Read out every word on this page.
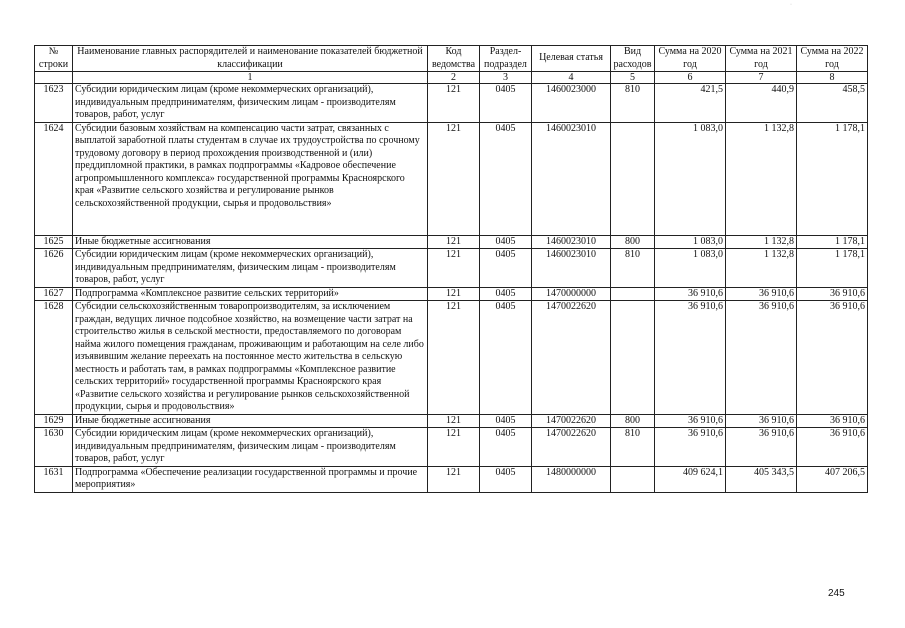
·
№ строки	Наименование главных распорядителей и наименование показателей бюджетной классификации	Код ведомства	Раздел-подраздел	Целевая статья	Вид расходов	Сумма на 2020 год	Сумма на 2021 год	Сумма на 2022 год
	1	2	3	4	5	6	7	8
1623	Субсидии юридическим лицам (кроме некоммерческих организаций), индивидуальным предпринимателям, физическим лицам - производителям товаров, работ, услуг	121	0405	1460023000	810	421,5	440,9	458,5
1624	Субсидии базовым хозяйствам на компенсацию части затрат, связанных с выплатой заработной платы студентам в случае их трудоустройства по срочному трудовому договору в период прохождения производственной и (или) преддипломной практики, в рамках подпрограммы «Кадровое обеспечение агропромышленного комплекса» государственной программы Красноярского края «Развитие сельского хозяйства и регулирование рынков сельскохозяйственной продукции, сырья и продовольствия»	121	0405	1460023010		1 083,0	1 132,8	1 178,1
1625	Иные бюджетные ассигнования	121	0405	1460023010	800	1 083,0	1 132,8	1 178,1
1626	Субсидии юридическим лицам (кроме некоммерческих организаций), индивидуальным предпринимателям, физическим лицам - производителям товаров, работ, услуг	121	0405	1460023010	810	1 083,0	1 132,8	1 178,1
1627	Подпрограмма «Комплексное развитие сельских территорий»	121	0405	1470000000		36 910,6	36 910,6	36 910,6
1628	Субсидии сельскохозяйственным товаропроизводителям, за исключением граждан, ведущих личное подсобное хозяйство, на возмещение части затрат на строительство жилья в сельской местности, предоставляемого по договорам найма жилого помещения гражданам, проживающим и работающим на селе либо изъявившим желание переехать на постоянное место жительства в сельскую местность и работать там, в рамках подпрограммы «Комплексное развитие сельских территорий» государственной программы Красноярского края «Развитие сельского хозяйства и регулирование рынков сельскохозяйственной продукции, сырья и продовольствия»	121	0405	1470022620		36 910,6	36 910,6	36 910,6
1629	Иные бюджетные ассигнования	121	0405	1470022620	800	36 910,6	36 910,6	36 910,6
1630	Субсидии юридическим лицам (кроме некоммерческих организаций), индивидуальным предпринимателям, физическим лицам - производителям товаров, работ, услуг	121	0405	1470022620	810	36 910,6	36 910,6	36 910,6
1631	Подпрограмма «Обеспечение реализации государственной программы и прочие мероприятия»	121	0405	1480000000		409 624,1	405 343,5	407 206,5
245
